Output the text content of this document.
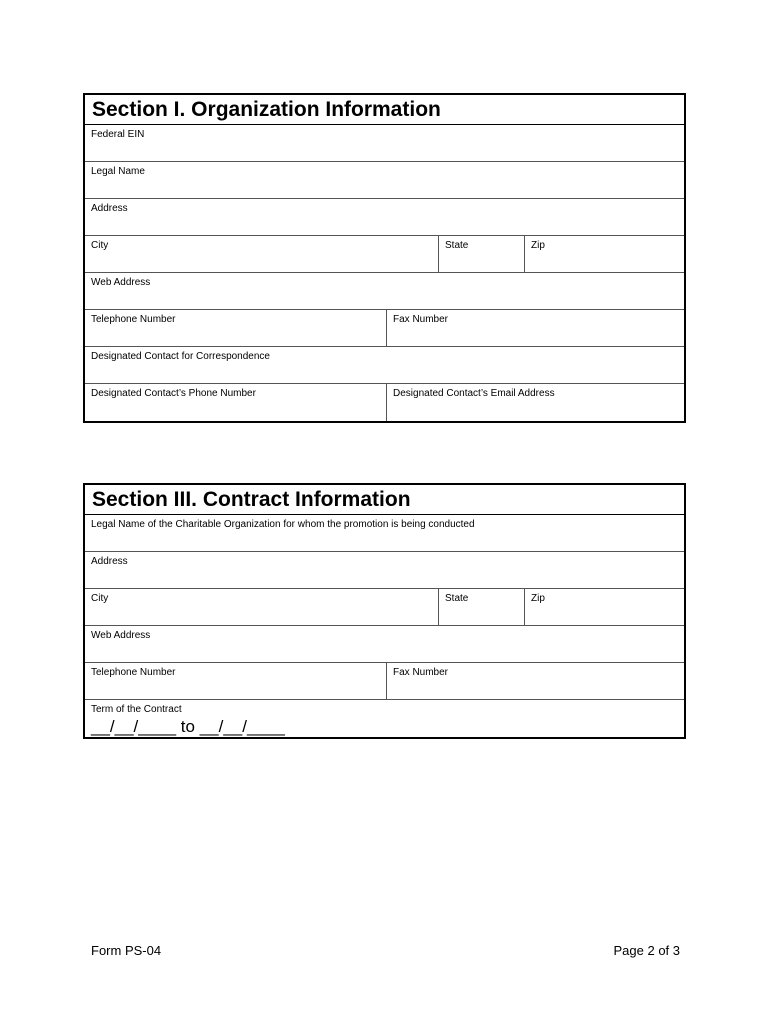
Section I. Organization Information
Federal EIN
Legal Name
Address
City	State	Zip
Web Address
Telephone Number	Fax Number
Designated Contact for Correspondence
Designated Contact’s Phone Number	Designated Contact’s Email Address
Section III. Contract Information
Legal Name of the Charitable Organization for whom the promotion is being conducted
Address
City	State	Zip
Web Address
Telephone Number	Fax Number
Term of the Contract
__/__/____ to __/__/____
Form PS-04	Page 2 of 3
